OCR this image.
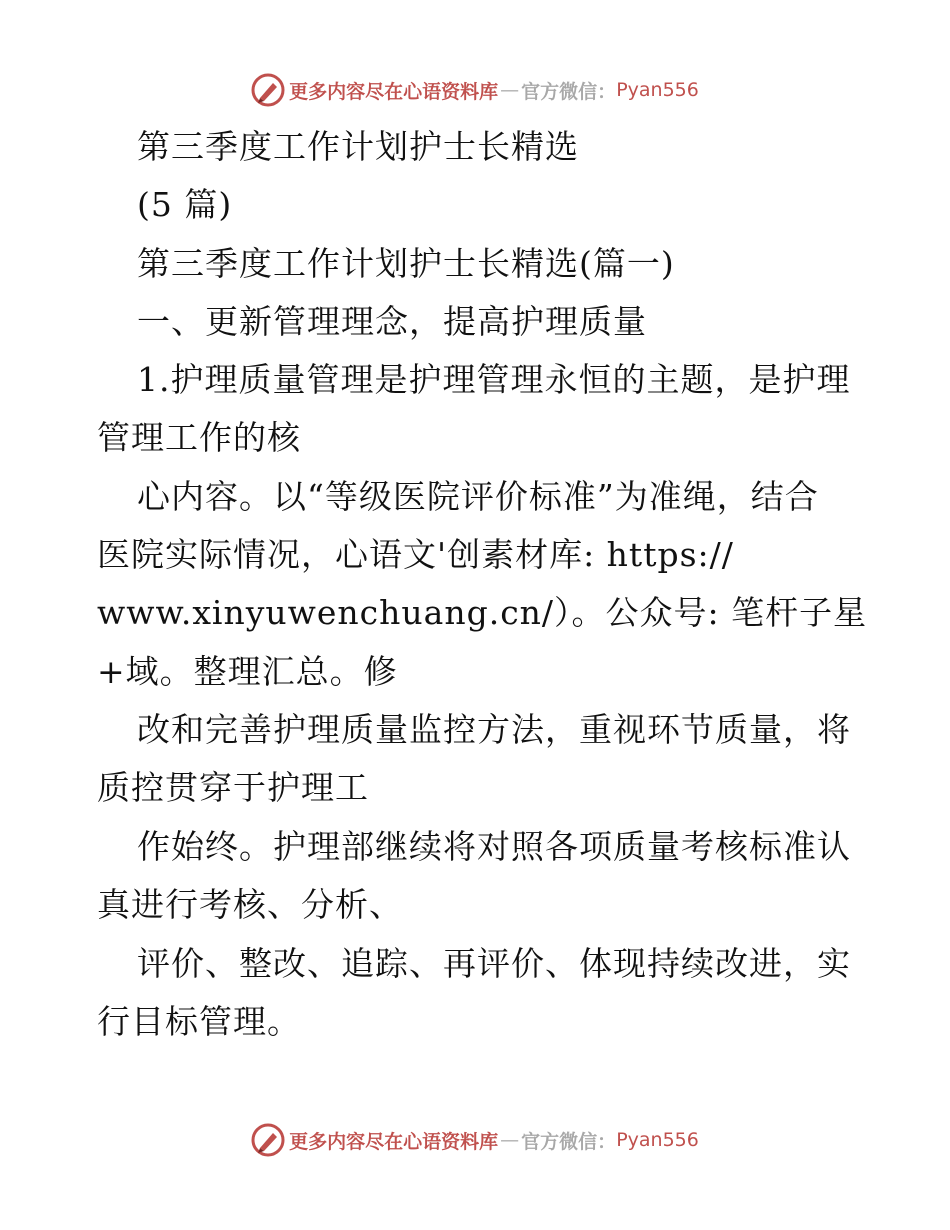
更多内容尽在心语资料库 — 官方微信： Pyan556
第三季度工作计划护士长精选
(5 篇)
第三季度工作计划护士长精选(篇一)
一、更新管理理念，提高护理质量
1.护理质量管理是护理管理永恒的主题，是护理
管理工作的核
心内容。以“等级医院评价标准”为准绳，结合
医院实际情况，心语文'创素材库: https://
www.xinyuwenchuang.cn/）。公众号: 笔杆子星
+域。整理汇总。修
改和完善护理质量监控方法，重视环节质量，将
质控贯穿于护理工
作始终。护理部继续将对照各项质量考核标准认
真进行考核、分析、
评价、整改、追踪、再评价、体现持续改进，实
行目标管理。
更多内容尽在心语资料库 — 官方微信： Pyan556
